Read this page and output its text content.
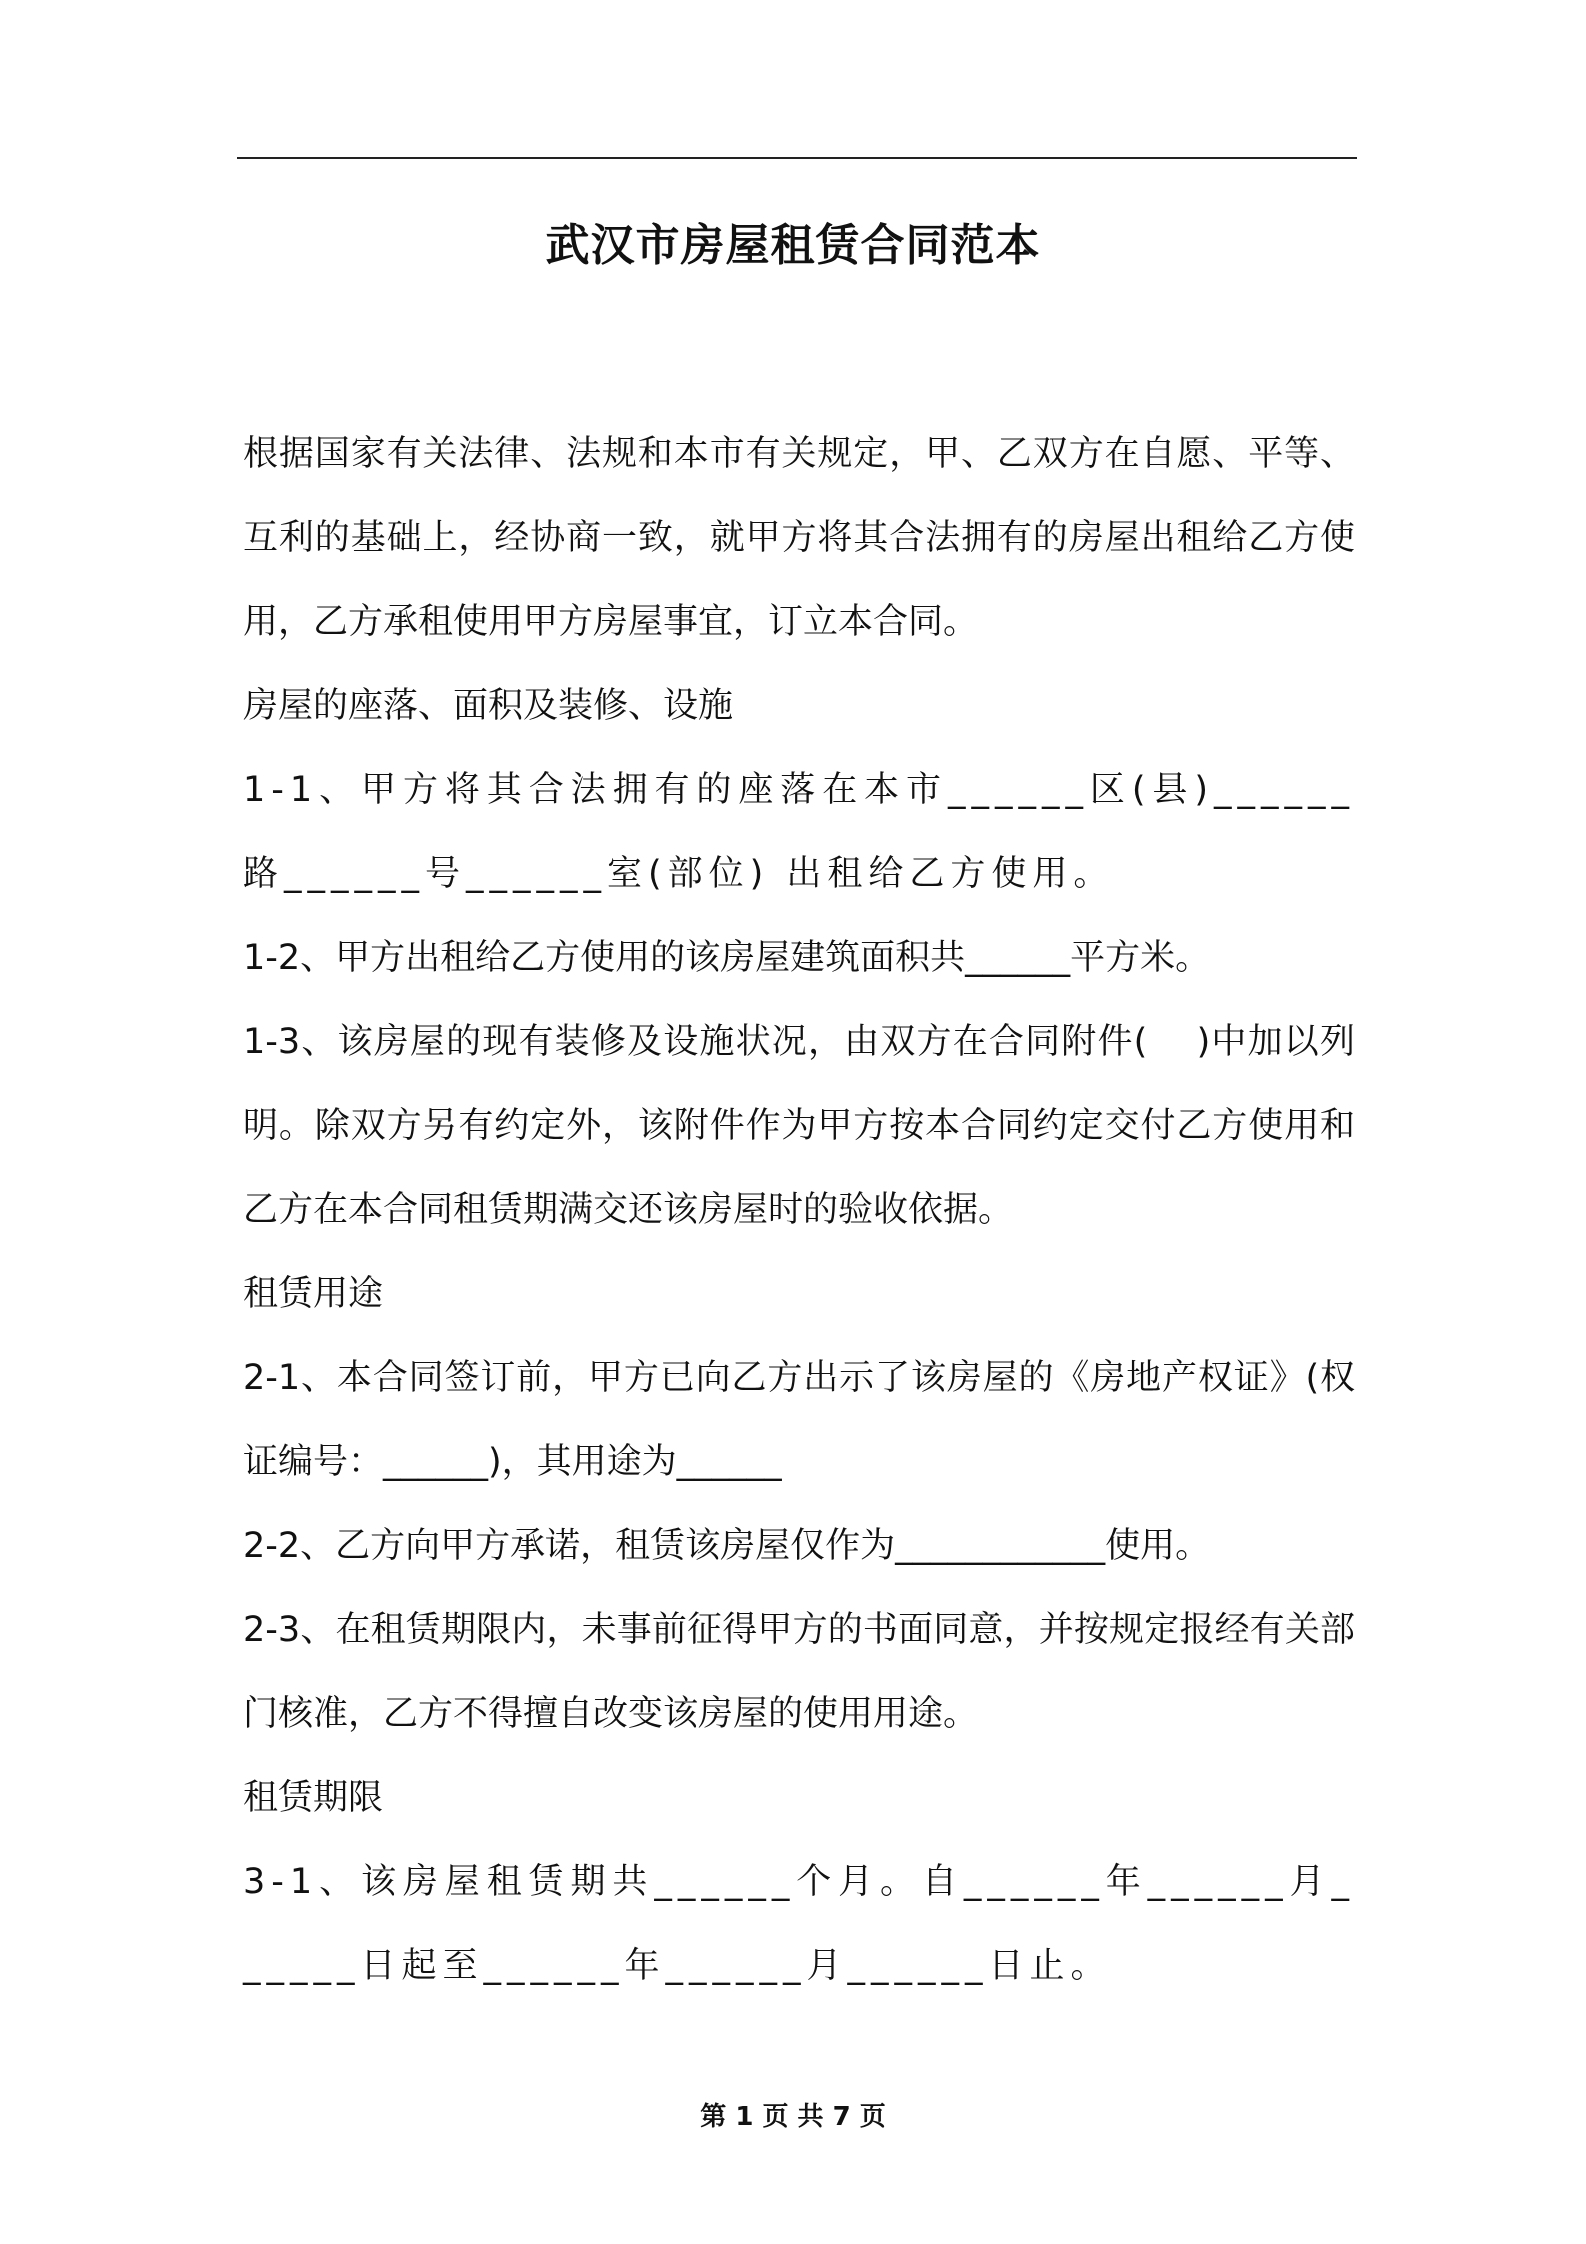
武汉市房屋租赁合同范本

根据国家有关法律、法规和本市有关规定，甲、乙双方在自愿、平等、互利的基础上，经协商一致，就甲方将其合法拥有的房屋出租给乙方使用，乙方承租使用甲方房屋事宜，订立本合同。

房屋的座落、面积及装修、设施

1-1、甲方将其合法拥有的座落在本市______区(县)______路______号______室(部位) 出租给乙方使用。

1-2、甲方出租给乙方使用的该房屋建筑面积共______平方米。

1-3、该房屋的现有装修及设施状况，由双方在合同附件(    )中加以列明。除双方另有约定外，该附件作为甲方按本合同约定交付乙方使用和乙方在本合同租赁期满交还该房屋时的验收依据。

租赁用途

2-1、本合同签订前，甲方已向乙方出示了该房屋的《房地产权证》(权证编号：______)，其用途为______

2-2、乙方向甲方承诺，租赁该房屋仅作为____________使用。

2-3、在租赁期限内，未事前征得甲方的书面同意，并按规定报经有关部门核准，乙方不得擅自改变该房屋的使用用途。

租赁期限

3-1、该房屋租赁期共______个月。自______年______月______日起至______年______月______日止。

第 1 页 共 7 页
